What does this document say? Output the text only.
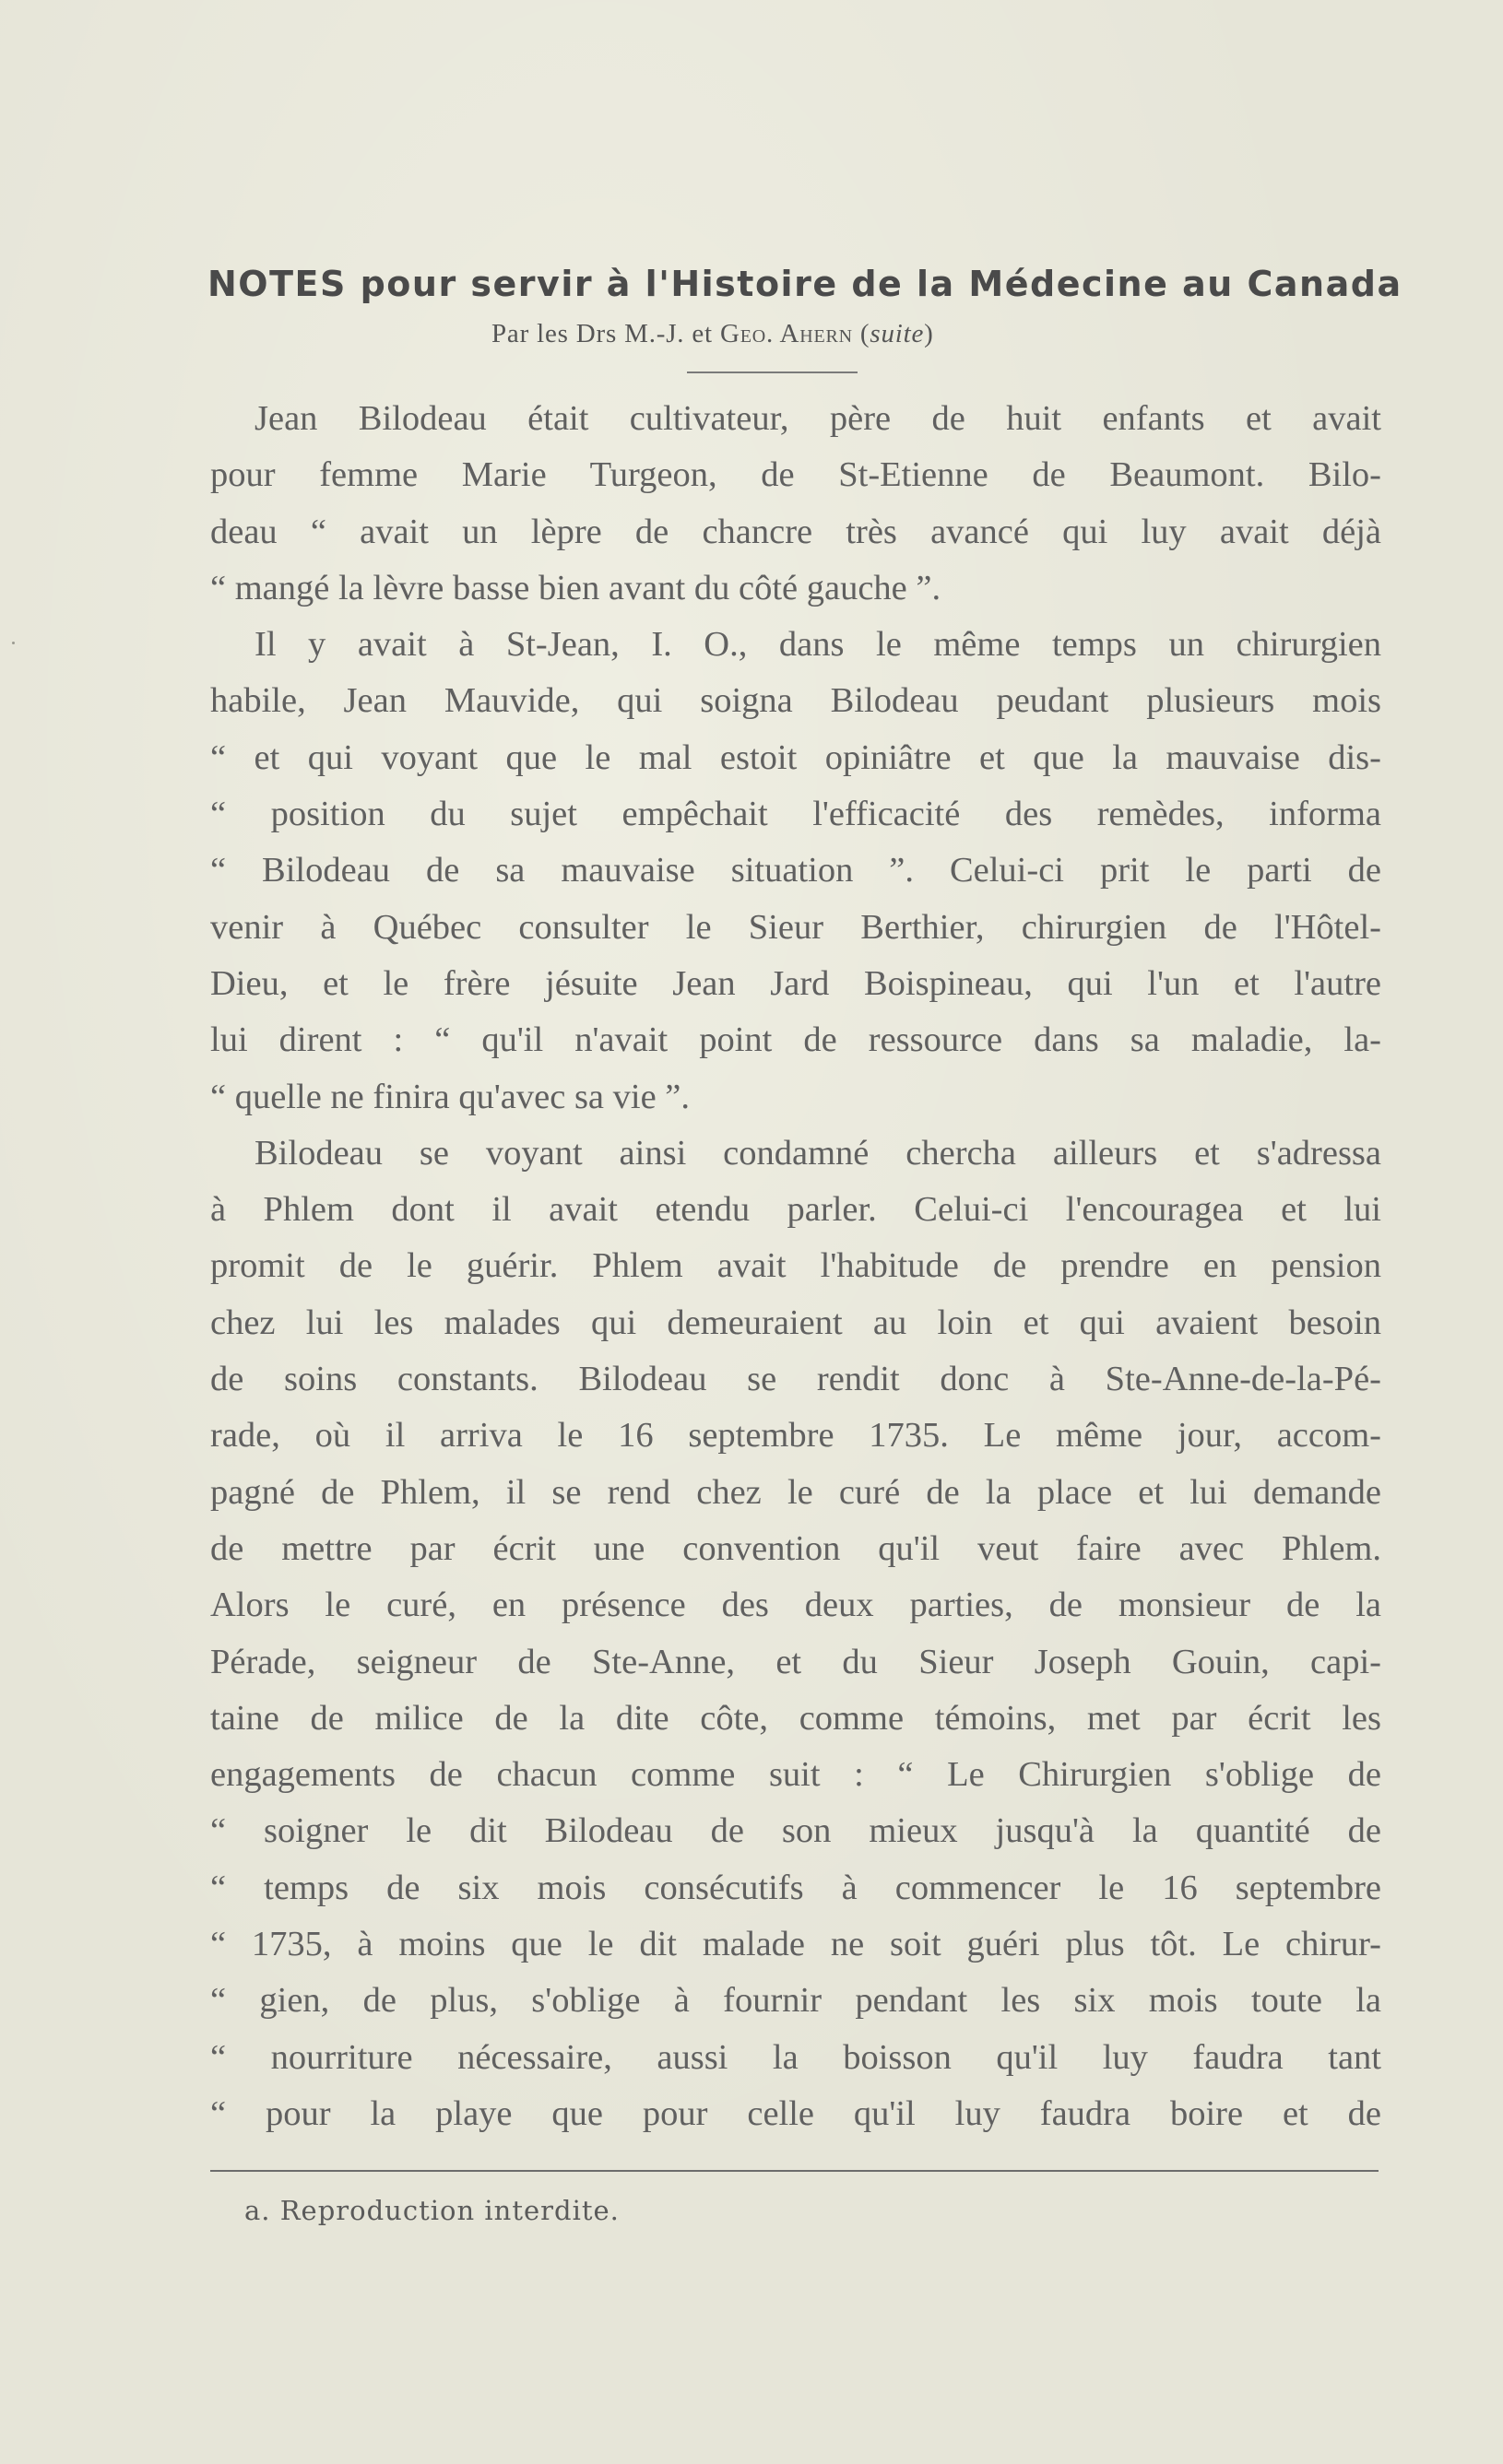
NOTES pour servir à l'Histoire de la Médecine au Canada
Par les Drs M.-J. et Geo. Ahern (suite)
Jean Bilodeau était cultivateur, père de huit enfants et avait
pour femme Marie Turgeon, de St-Etienne de Beaumont. Bilo-
deau “ avait un lèpre de chancre très avancé qui luy avait déjà
“ mangé la lèvre basse bien avant du côté gauche ”.
Il y avait à St-Jean, I. O., dans le même temps un chirurgien
habile, Jean Mauvide, qui soigna Bilodeau peudant plusieurs mois
“ et qui voyant que le mal estoit opiniâtre et que la mauvaise dis-
“ position du sujet empêchait l'efficacité des remèdes, informa
“ Bilodeau de sa mauvaise situation ”. Celui-ci prit le parti de
venir à Québec consulter le Sieur Berthier, chirurgien de l'Hôtel-
Dieu, et le frère jésuite Jean Jard Boispineau, qui l'un et l'autre
lui dirent : “ qu'il n'avait point de ressource dans sa maladie, la-
“ quelle ne finira qu'avec sa vie ”.
Bilodeau se voyant ainsi condamné chercha ailleurs et s'adressa
à Phlem dont il avait etendu parler. Celui-ci l'encouragea et lui
promit de le guérir. Phlem avait l'habitude de prendre en pension
chez lui les malades qui demeuraient au loin et qui avaient besoin
de soins constants. Bilodeau se rendit donc à Ste-Anne-de-la-Pé-
rade, où il arriva le 16 septembre 1735. Le même jour, accom-
pagné de Phlem, il se rend chez le curé de la place et lui demande
de mettre par écrit une convention qu'il veut faire avec Phlem.
Alors le curé, en présence des deux parties, de monsieur de la
Pérade, seigneur de Ste-Anne, et du Sieur Joseph Gouin, capi-
taine de milice de la dite côte, comme témoins, met par écrit les
engagements de chacun comme suit : “ Le Chirurgien s'oblige de
“ soigner le dit Bilodeau de son mieux jusqu'à la quantité de
“ temps de six mois consécutifs à commencer le 16 septembre
“ 1735, à moins que le dit malade ne soit guéri plus tôt. Le chirur-
“ gien, de plus, s'oblige à fournir pendant les six mois toute la
“ nourriture nécessaire, aussi la boisson qu'il luy faudra tant
“ pour la playe que pour celle qu'il luy faudra boire et de
a. Reproduction interdite.
